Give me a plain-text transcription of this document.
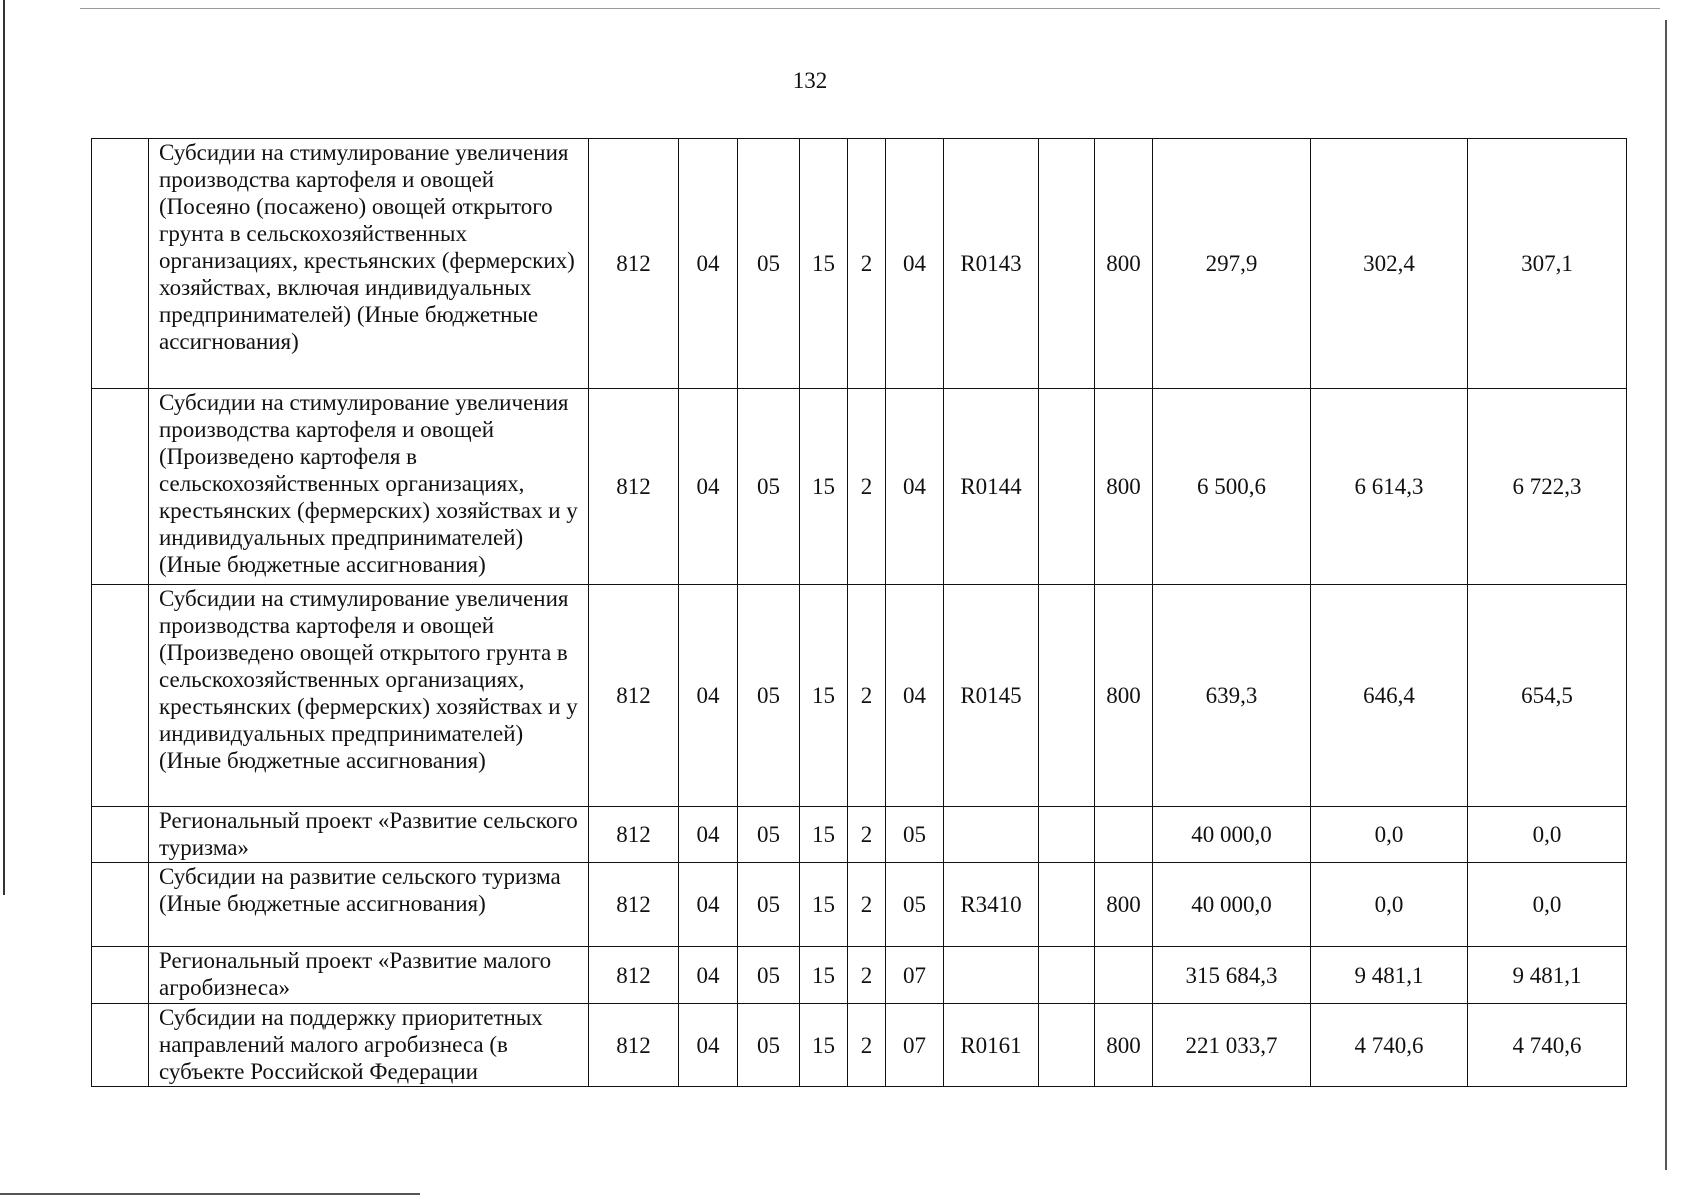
132
	Субсидии на стимулирование увеличения производства картофеля и овощей (Посеяно (посажено) овощей открытого грунта в сельскохозяйственных организациях, крестьянских (фермерских) хозяйствах, включая индивидуальных предпринимателей) (Иные бюджетные ассигнования)	812	04	05	15	2	04	R0143		800	297,9	302,4	307,1
	Субсидии на стимулирование увеличения производства картофеля и овощей (Произведено картофеля в сельскохозяйственных организациях, крестьянских (фермерских) хозяйствах и у индивидуальных предпринимателей) (Иные бюджетные ассигнования)	812	04	05	15	2	04	R0144		800	6 500,6	6 614,3	6 722,3
	Субсидии на стимулирование увеличения производства картофеля и овощей (Произведено овощей открытого грунта в сельскохозяйственных организациях, крестьянских (фермерских) хозяйствах и у индивидуальных предпринимателей) (Иные бюджетные ассигнования)	812	04	05	15	2	04	R0145		800	639,3	646,4	654,5
	Региональный проект «Развитие сельского туризма»	812	04	05	15	2	05				40 000,0	0,0	0,0
	Субсидии на развитие сельского туризма (Иные бюджетные ассигнования)	812	04	05	15	2	05	R3410		800	40 000,0	0,0	0,0
	Региональный проект «Развитие малого агробизнеса»	812	04	05	15	2	07				315 684,3	9 481,1	9 481,1
	Субсидии на поддержку приоритетных направлений малого агробизнеса (в субъекте Российской Федерации	812	04	05	15	2	07	R0161		800	221 033,7	4 740,6	4 740,6
